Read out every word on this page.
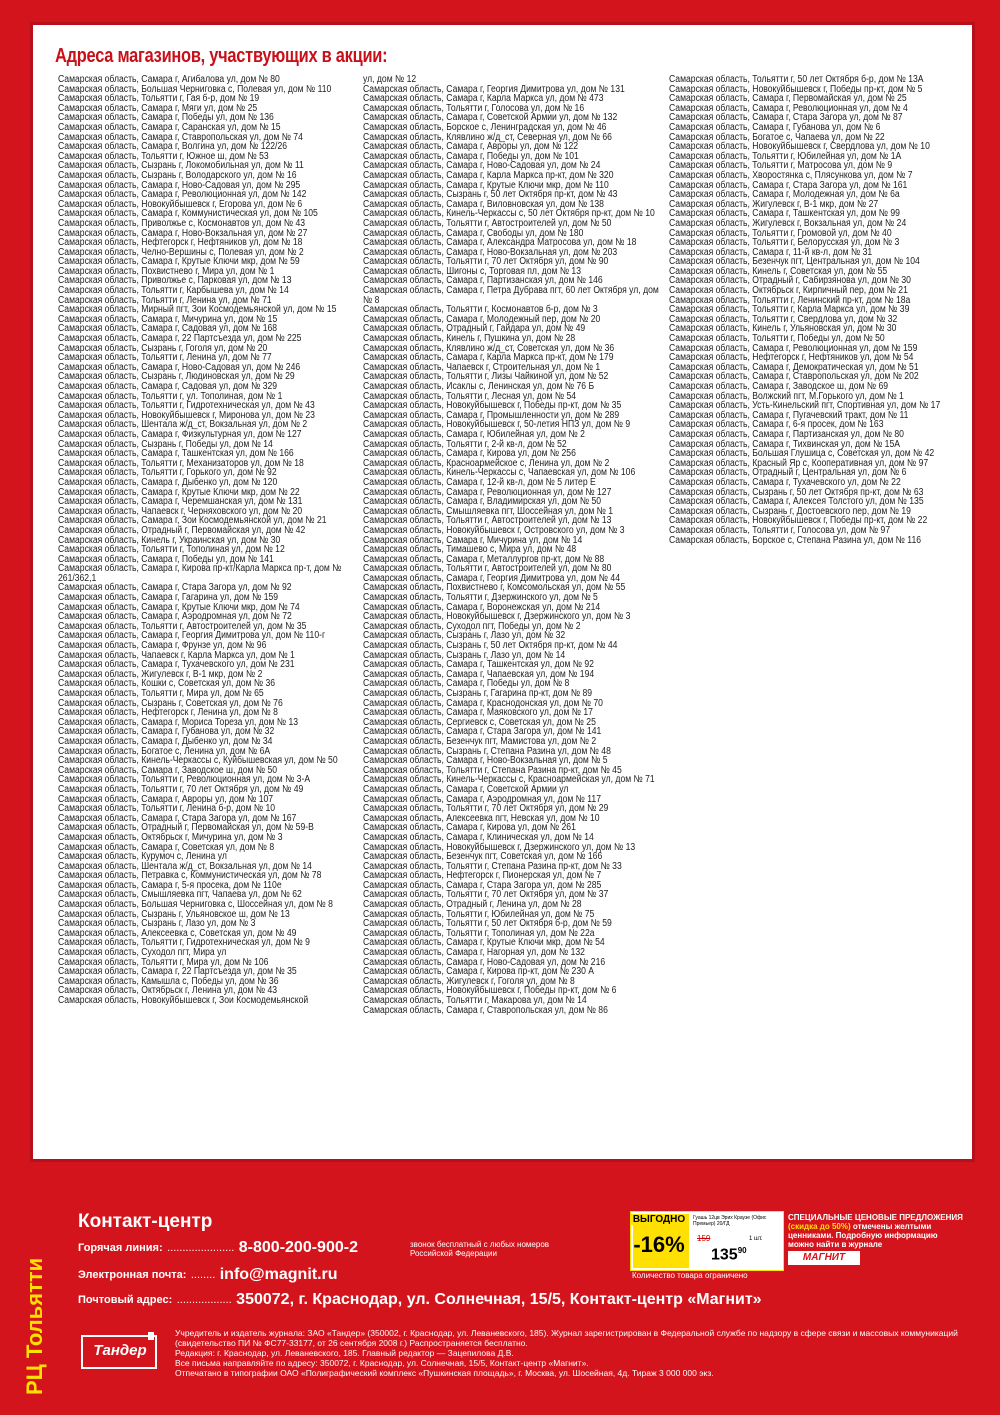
Адреса магазинов, участвующих в акции:
Самарская область, Самара г, Агибалова ул, дом № 80
Самарская область, Большая Черниговка с, Полевая ул, дом № 110
Самарская область, Тольятти г, Гая б-р, дом № 19
Самарская область, Самара г, Мяги ул, дом № 25
Самарская область, Самара г, Победы ул, дом № 136
Самарская область, Самара г, Саранская ул, дом № 15
Самарская область, Самара г, Ставропольская ул, дом № 74
Самарская область, Самара г, Волгина ул, дом № 122/26
Самарская область, Тольятти г, Южное ш, дом № 53
Самарская область, Сызрань г, Локомобильная ул, дом № 11
Самарская область, Сызрань г, Володарского ул, дом № 16
Самарская область, Самара г, Ново-Садовая ул, дом № 295
Самарская область, Самара г, Революционная ул, дом № 142
Самарская область, Новокуйбышевск г, Егорова ул, дом № 6
Самарская область, Самара г, Коммунистическая ул, дом № 105
Самарская область, Приволжье с, Космонавтов ул, дом № 43
Самарская область, Самара г, Ново-Вокзальная ул, дом № 27
Самарская область, Нефтегорск г, Нефтяников ул, дом № 18
Самарская область, Челно-Вершины с, Полевая ул, дом № 2
Самарская область, Самара г, Крутые Ключи мкр, дом № 59
Самарская область, Похвистнево г, Мира ул, дом № 1
Самарская область, Приволжье с, Парковая ул, дом № 13
Самарская область, Тольятти г, Карбышева ул, дом № 14
Самарская область, Тольятти г, Ленина ул, дом № 71
Самарская область, Мирный пгт, Зои Космодемьянской ул, дом № 15
Самарская область, Самара г, Мичурина ул, дом № 15
Самарская область, Самара г, Садовая ул, дом № 168
Самарская область, Самара г, 22 Партсъезда ул, дом № 225
Самарская область, Сызрань г, Гоголя ул, дом № 20
Самарская область, Тольятти г, Ленина ул, дом № 77
Самарская область, Самара г, Ново-Садовая ул, дом № 246
Самарская область, Сызрань г, Людиновская ул, дом № 29
Самарская область, Самара г, Садовая ул, дом № 329
Самарская область, Тольятти г, ул. Тополиная, дом № 1
Самарская область, Тольятти г, Гидротехническая ул, дом № 43
Самарская область, Новокуйбышевск г, Миронова ул, дом № 23
Самарская область, Шентала ж/д_ст, Вокзальная ул, дом № 2
Самарская область, Самара г, Физкультурная ул, дом № 127
Самарская область, Сызрань г, Победы ул, дом № 14
Самарская область, Самара г, Ташкентская ул, дом № 166
Самарская область, Тольятти г, Механизаторов ул, дом № 18
Самарская область, Тольятти г, Горького ул, дом № 92
Самарская область, Самара г, Дыбенко ул, дом № 120
Самарская область, Самара г, Крутые Ключи мкр, дом № 22
Самарская область, Самара г, Черемшанская ул, дом № 131
Самарская область, Чапаевск г, Черняховского ул, дом № 20
Самарская область, Самара г, Зои Космодемьянской ул, дом № 21
Самарская область, Отрадный г, Первомайская ул, дом № 42
Самарская область, Кинель г, Украинская ул, дом № 30
Самарская область, Тольятти г, Тополиная ул, дом № 12
Самарская область, Самара г, Победы ул, дом № 141
Самарская область, Самара г, Кирова пр-кт/Карла Маркса пр-т, дом № 261/362,1
Самарская область, Самара г, Стара Загора ул, дом № 92
Самарская область, Самара г, Гагарина ул, дом № 159
Самарская область, Самара г, Крутые Ключи мкр, дом № 74
Самарская область, Самара г, Аэродромная ул, дом № 72
Самарская область, Тольятти г, Автостроителей ул, дом № 35
Самарская область, Самара г, Георгия Димитрова ул, дом № 110-г
Самарская область, Самара г, Фрунзе ул, дом № 96
Самарская область, Чапаевск г, Карла Маркса ул, дом № 1
Самарская область, Самара г, Тухачевского ул, дом № 231
Самарская область, Жигулевск г, В-1 мкр, дом № 2
Самарская область, Кошки с, Советская ул, дом № 36
Самарская область, Тольятти г, Мира ул, дом № 65
Самарская область, Сызрань г, Советская ул, дом № 76
Самарская область, Нефтегорск г, Ленина ул, дом № 8
Самарская область, Самара г, Мориса Тореза ул, дом № 13
Самарская область, Самара г, Губанова ул, дом № 32
Самарская область, Самара г, Дыбенко ул, дом № 34
Самарская область, Богатое с, Ленина ул, дом № 6А
Самарская область, Кинель-Черкассы с, Куйбышевская ул, дом № 50
Самарская область, Самара г, Заводское ш, дом № 50
Самарская область, Тольятти г, Революционная ул, дом № 3-А
Самарская область, Тольятти г, 70 лет Октября ул, дом № 49
Самарская область, Самара г, Авроры ул, дом № 107
Самарская область, Тольятти г, Ленина б-р, дом № 10
Самарская область, Самара г, Стара Загора ул, дом № 167
Самарская область, Отрадный г, Первомайская ул, дом № 59-В
Самарская область, Октябрьск г, Мичурина ул, дом № 3
Самарская область, Самара г, Советская ул, дом № 8
Самарская область, Курумоч с, Ленина ул
Самарская область, Шентала ж/д_ст, Вокзальная ул, дом № 14
Самарская область, Петравка с, Коммунистическая ул, дом № 78
Самарская область, Самара г, 5-я просека, дом № 110е
Самарская область, Смышляевка пгт, Чапаева ул, дом № 62
Самарская область, Большая Черниговка с, Шоссейная ул, дом № 8
Самарская область, Сызрань г, Ульяновское ш, дом № 13
Самарская область, Сызрань г, Лазо ул, дом № 3
Самарская область, Алексеевка с, Советская ул, дом № 49
Самарская область, Тольятти г, Гидротехническая ул, дом № 9
Самарская область, Суходол пгт, Мира ул
Самарская область, Тольятти г, Мира ул, дом № 106
Самарская область, Самара г, 22 Партсъезда ул, дом № 35
Самарская область, Камышла с, Победы ул, дом № 36
Самарская область, Октябрьск г, Ленина ул, дом № 43
Самарская область, Новокуйбышевск г, Зои Космодемьянской
ул, дом № 12
Самарская область, Самара г, Георгия Димитрова ул, дом № 131
Самарская область, Самара г, Карла Маркса ул, дом № 473
Самарская область, Тольятти г, Голосова ул, дом № 16
Самарская область, Самара г, Советской Армии ул, дом № 132
Самарская область, Борское с, Ленинградская ул, дом № 46
Самарская область, Клявлино ж/д_ст, Северная ул, дом № 66
Самарская область, Самара г, Авроры ул, дом № 122
Самарская область, Самара г, Победы ул, дом № 101
Самарская область, Самара г, Ново-Садовая ул, дом № 24
Самарская область, Самара г, Карла Маркса пр-кт, дом № 320
Самарская область, Самара г, Крутые Ключи мкр, дом № 110
Самарская область, Сызрань г, 50 лет Октября пр-кт, дом № 43
Самарская область, Самара г, Виловновская ул, дом № 138
Самарская область, Кинель-Черкассы с, 50 лет Октября пр-кт, дом № 10
Самарская область, Тольятти г, Автостроителей ул, дом № 50
Самарская область, Самара г, Свободы ул, дом № 180
Самарская область, Самара г, Александра Матросова ул, дом № 18
Самарская область, Самара г, Ново-Вокзальная ул, дом № 203
Самарская область, Тольятти г, 70 лет Октября ул, дом № 90
Самарская область, Шигоны с, Торговая пл, дом № 13
Самарская область, Самара г, Партизанская ул, дом № 146
Самарская область, Самара г, Петра Дубрава пгт, 60 лет Октября ул, дом № 8
Самарская область, Тольятти г, Космонавтов б-р, дом № 3
Самарская область, Самара г, Молодежный пер, дом № 20
Самарская область, Отрадный г, Гайдара ул, дом № 49
Самарская область, Кинель г, Пушкина ул, дом № 28
Самарская область, Клявлино ж/д_ст, Советская ул, дом № 36
Самарская область, Самара г, Карла Маркса пр-кт, дом № 179
Самарская область, Чапаевск г, Строительная ул, дом № 1
Самарская область, Тольятти г, Лизы Чайкиной ул, дом № 52
Самарская область, Исаклы с, Ленинская ул, дом № 76 Б
Самарская область, Тольятти г, Лесная ул, дом № 54
Самарская область, Новокуйбышевск г, Победы пр-кт, дом № 35
Самарская область, Самара г, Промышленности ул, дом № 289
Самарская область, Новокуйбышевск г, 50-летия НПЗ ул, дом № 9
Самарская область, Самара г, Юбилейная ул, дом № 2
Самарская область, Тольятти г, 2-й кв-л, дом № 52
Самарская область, Самара г, Кирова ул, дом № 256
Самарская область, Красноармейское с, Ленина ул, дом № 2
Самарская область, Кинель-Черкассы с, Чапаевская ул, дом № 106
Самарская область, Самара г, 12-й кв-л, дом № 5 литер Е
Самарская область, Самара г, Революционная ул, дом № 127
Самарская область, Самара г, Владимирская ул, дом № 50
Самарская область, Смышляевка пгт, Шоссейная ул, дом № 1
Самарская область, Тольятти г, Автостроителей ул, дом № 13
Самарская область, Новокуйбышевск г, Островского ул, дом № 3
Самарская область, Самара г, Мичурина ул, дом № 14
Самарская область, Тимашево с, Мира ул, дом № 48
Самарская область, Самара г, Металлургов пр-кт, дом № 88
Самарская область, Тольятти г, Автостроителей ул, дом № 80
Самарская область, Самара г, Георгия Димитрова ул, дом № 44
Самарская область, Похвистнево г, Комсомольская ул, дом № 55
Самарская область, Тольятти г, Дзержинского ул, дом № 5
Самарская область, Самара г, Воронежская ул, дом № 214
Самарская область, Новокуйбышевск г, Дзержинского ул, дом № 3
Самарская область, Суходол пгт, Победы ул, дом № 2
Самарская область, Сызрань г, Лазо ул, дом № 32
Самарская область, Сызрань г, 50 лет Октября пр-кт, дом № 44
Самарская область, Сызрань г, Лазо ул, дом № 14
Самарская область, Самара г, Ташкентская ул, дом № 92
Самарская область, Самара г, Чапаевская ул, дом № 194
Самарская область, Самара г, Победы ул, дом № 8
Самарская область, Сызрань г, Гагарина пр-кт, дом № 89
Самарская область, Самара г, Краснодонская ул, дом № 70
Самарская область, Самара г, Маяковского ул, дом № 17
Самарская область, Сергиевск с, Советская ул, дом № 25
Самарская область, Самара г, Стара Загора ул, дом № 141
Самарская область, Безенчук пгт, Мамистова ул, дом № 2
Самарская область, Сызрань г, Степана Разина ул, дом № 48
Самарская область, Самара г, Ново-Вокзальная ул, дом № 5
Самарская область, Тольятти г, Степана Разина пр-кт, дом № 45
Самарская область, Кинель-Черкассы с, Красноармейская ул, дом № 71
Самарская область, Самара г, Советской Армии ул
Самарская область, Самара г, Аэродромная ул, дом № 117
Самарская область, Тольятти г, 70 лет Октября ул, дом № 29
Самарская область, Алексеевка пгт, Невская ул, дом № 10
Самарская область, Самара г, Кирова ул, дом № 261
Самарская область, Самара г, Клиническая ул, дом № 14
Самарская область, Новокуйбышевск г, Дзержинского ул, дом № 13
Самарская область, Безенчук пгт, Советская ул, дом № 166
Самарская область, Тольятти г, Степана Разина пр-кт, дом № 33
Самарская область, Нефтегорск г, Пионерская ул, дом № 7
Самарская область, Самара г, Стара Загора ул, дом № 285
Самарская область, Тольятти г, 70 лет Октября ул, дом № 37
Самарская область, Отрадный г, Ленина ул, дом № 28
Самарская область, Тольятти г, Юбилейная ул, дом № 75
Самарская область, Тольятти г, 50 лет Октября б-р, дом № 59
Самарская область, Тольятти г, Тополиная ул, дом № 22а
Самарская область, Самара г, Крутые Ключи мкр, дом № 54
Самарская область, Самара г, Нагорная ул, дом № 132
Самарская область, Самара г, Ново-Садовая ул, дом № 216
Самарская область, Самара г, Кирова пр-кт, дом № 230 А
Самарская область, Жигулевск г, Гоголя ул, дом № 8
Самарская область, Новокуйбышевск г, Победы пр-кт, дом № 6
Самарская область, Тольятти г, Макарова ул, дом № 14
Самарская область, Самара г, Ставропольская ул, дом № 86
Самарская область, Тольятти г, 50 лет Октября б-р, дом № 13А
Самарская область, Новокуйбышевск г, Победы пр-кт, дом № 5
Самарская область, Самара г, Первомайская ул, дом № 25
Самарская область, Самара г, Революционная ул, дом № 4
Самарская область, Самара г, Стара Загора ул, дом № 87
Самарская область, Самара г, Губанова ул, дом № 6
Самарская область, Богатое с, Чапаева ул, дом № 22
Самарская область, Новокуйбышевск г, Свердлова ул, дом № 10
Самарская область, Тольятти г, Юбилейная ул, дом № 1А
Самарская область, Тольятти г, Матросова ул, дом № 9
Самарская область, Хворостянка с, Плясункова ул, дом № 7
Самарская область, Самара г, Стара Загора ул, дом № 161
Самарская область, Самара г, Молодежная ул, дом № 6а
Самарская область, Жигулевск г, В-1 мкр, дом № 27
Самарская область, Самара г, Ташкентская ул, дом № 99
Самарская область, Жигулевск г, Вокзальная ул, дом № 24
Самарская область, Тольятти г, Громовой ул, дом № 40
Самарская область, Тольятти г, Белорусская ул, дом № 3
Самарская область, Самара г, 11-й кв-л, дом № 31
Самарская область, Безенчук пгт, Центральная ул, дом № 104
Самарская область, Кинель г, Советская ул, дом № 55
Самарская область, Отрадный г, Сабирзянова ул, дом № 30
Самарская область, Октябрьск г, Кирпичный пер, дом № 21
Самарская область, Тольятти г, Ленинский пр-кт, дом № 18а
Самарская область, Тольятти г, Карла Маркса ул, дом № 39
Самарская область, Тольятти г, Свердлова ул, дом № 32
Самарская область, Кинель г, Ульяновская ул, дом № 30
Самарская область, Тольятти г, Победы ул, дом № 50
Самарская область, Самара г, Революционная ул, дом № 159
Самарская область, Нефтегорск г, Нефтяников ул, дом № 54
Самарская область, Самара г, Демократическая ул, дом № 51
Самарская область, Самара г, Ставропольская ул, дом № 202
Самарская область, Самара г, Заводское ш, дом № 69
Самарская область, Волжский пгт, М.Горького ул, дом № 1
Самарская область, Усть-Кинельский пгт, Спортивная ул, дом № 17
Самарская область, Самара г, Пугачевский тракт, дом № 11
Самарская область, Самара г, 6-я просек, дом № 163
Самарская область, Самара г, Партизанская ул, дом № 80
Самарская область, Самара г, Тихвинская ул, дом № 15А
Самарская область, Большая Глушица с, Советская ул, дом № 42
Самарская область, Красный Яр с, Кооперативная ул, дом № 97
Самарская область, Отрадный г, Центральная ул, дом № 6
Самарская область, Самара г, Тухачевского ул, дом № 22
Самарская область, Сызрань г, 50 лет Октября пр-кт, дом № 63
Самарская область, Самара г, Алексея Толстого ул, дом № 135
Самарская область, Сызрань г, Достоевского пер, дом № 19
Самарская область, Новокуйбышевск г, Победы пр-кт, дом № 22
Самарская область, Тольятти г, Голосова ул, дом № 97
Самарская область, Борское с, Степана Разина ул, дом № 116
РЦ Тольятти
Контакт-центр
Горячая линия: ...................... 8-800-200-900-2	звонок бесплатный с любых номеров Российской Федерации
Электронная почта: ........ info@magnit.ru
Почтовый адрес: .................. 350072, г. Краснодар, ул. Солнечная, 15/5, Контакт-центр «Магнит»
ВЫГОДНО
-16%
Гуашь 12цв Эрих Краузе (Офис Премьер) 20/ГД
159
$135^{90}$
1 шт.
Количество товара ограничено
СПЕЦИАЛЬНЫЕ ЦЕНОВЫЕ ПРЕДЛОЖЕНИЯ
(скидка до 50%) отмечены желтыми ценниками. Подробную информацию можно найти в журнале
МАГНИТ
Тандер

Учредитель и издатель журнала: ЗАО «Тандер» (350002, г. Краснодар, ул. Леваневского, 185). Журнал зарегистрирован в Федеральной службе по надзору в сфере связи и массовых коммуникаций (свидетельство ПИ № ФС77-33177, от 26 сентября 2008 г.) Распространяется бесплатно.

Редакция: г. Краснодар, ул. Леваневского, 185. Главный редактор — Зацепилова Д.В.

Все письма направляйте по адресу: 350072, г. Краснодар, ул. Солнечная, 15/5, Контакт-центр «Магнит».

Отпечатано в типографии ОАО «Полиграфический комплекс «Пушкинская площадь», г. Москва, ул. Шосейная, 4д. Тираж 3 000 000 экз.
